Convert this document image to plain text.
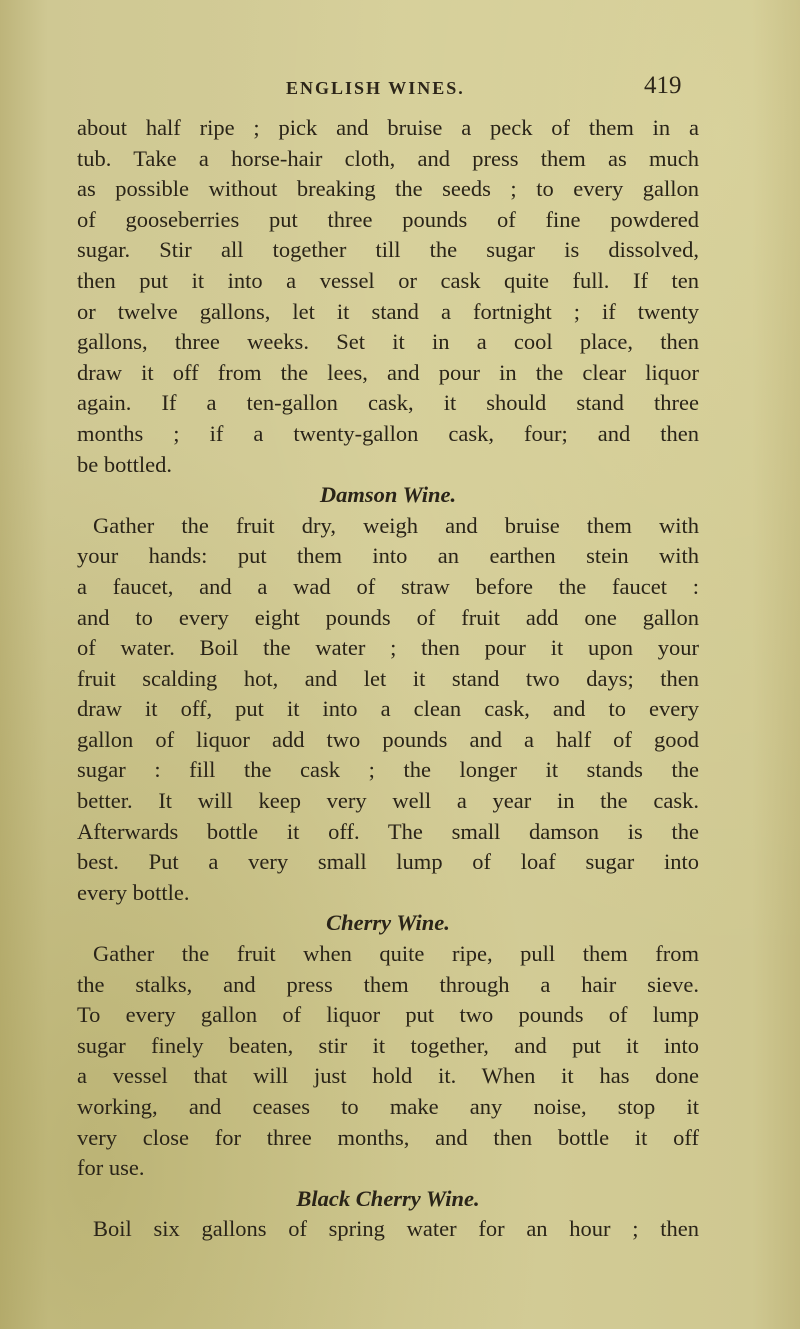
ENGLISH WINES.	419
about half ripe ; pick and bruise a peck of them in a
tub. Take a horse-hair cloth, and press them as much
as possible without breaking the seeds ; to every gallon
of gooseberries put three pounds of fine powdered
sugar. Stir all together till the sugar is dissolved,
then put it into a vessel or cask quite full. If ten
or twelve gallons, let it stand a fortnight ; if twenty
gallons, three weeks. Set it in a cool place, then
draw it off from the lees, and pour in the clear liquor
again. If a ten-gallon cask, it should stand three
months ; if a twenty-gallon cask, four; and then
be bottled.
Damson Wine.
Gather the fruit dry, weigh and bruise them with
your hands: put them into an earthen stein with
a faucet, and a wad of straw before the faucet :
and to every eight pounds of fruit add one gallon
of water. Boil the water ; then pour it upon your
fruit scalding hot, and let it stand two days; then
draw it off, put it into a clean cask, and to every
gallon of liquor add two pounds and a half of good
sugar : fill the cask ; the longer it stands the
better. It will keep very well a year in the cask.
Afterwards bottle it off. The small damson is the
best. Put a very small lump of loaf sugar into
every bottle.
Cherry Wine.
Gather the fruit when quite ripe, pull them from
the stalks, and press them through a hair sieve.
To every gallon of liquor put two pounds of lump
sugar finely beaten, stir it together, and put it into
a vessel that will just hold it. When it has done
working, and ceases to make any noise, stop it
very close for three months, and then bottle it off
for use.
Black Cherry Wine.
Boil six gallons of spring water for an hour ; then
